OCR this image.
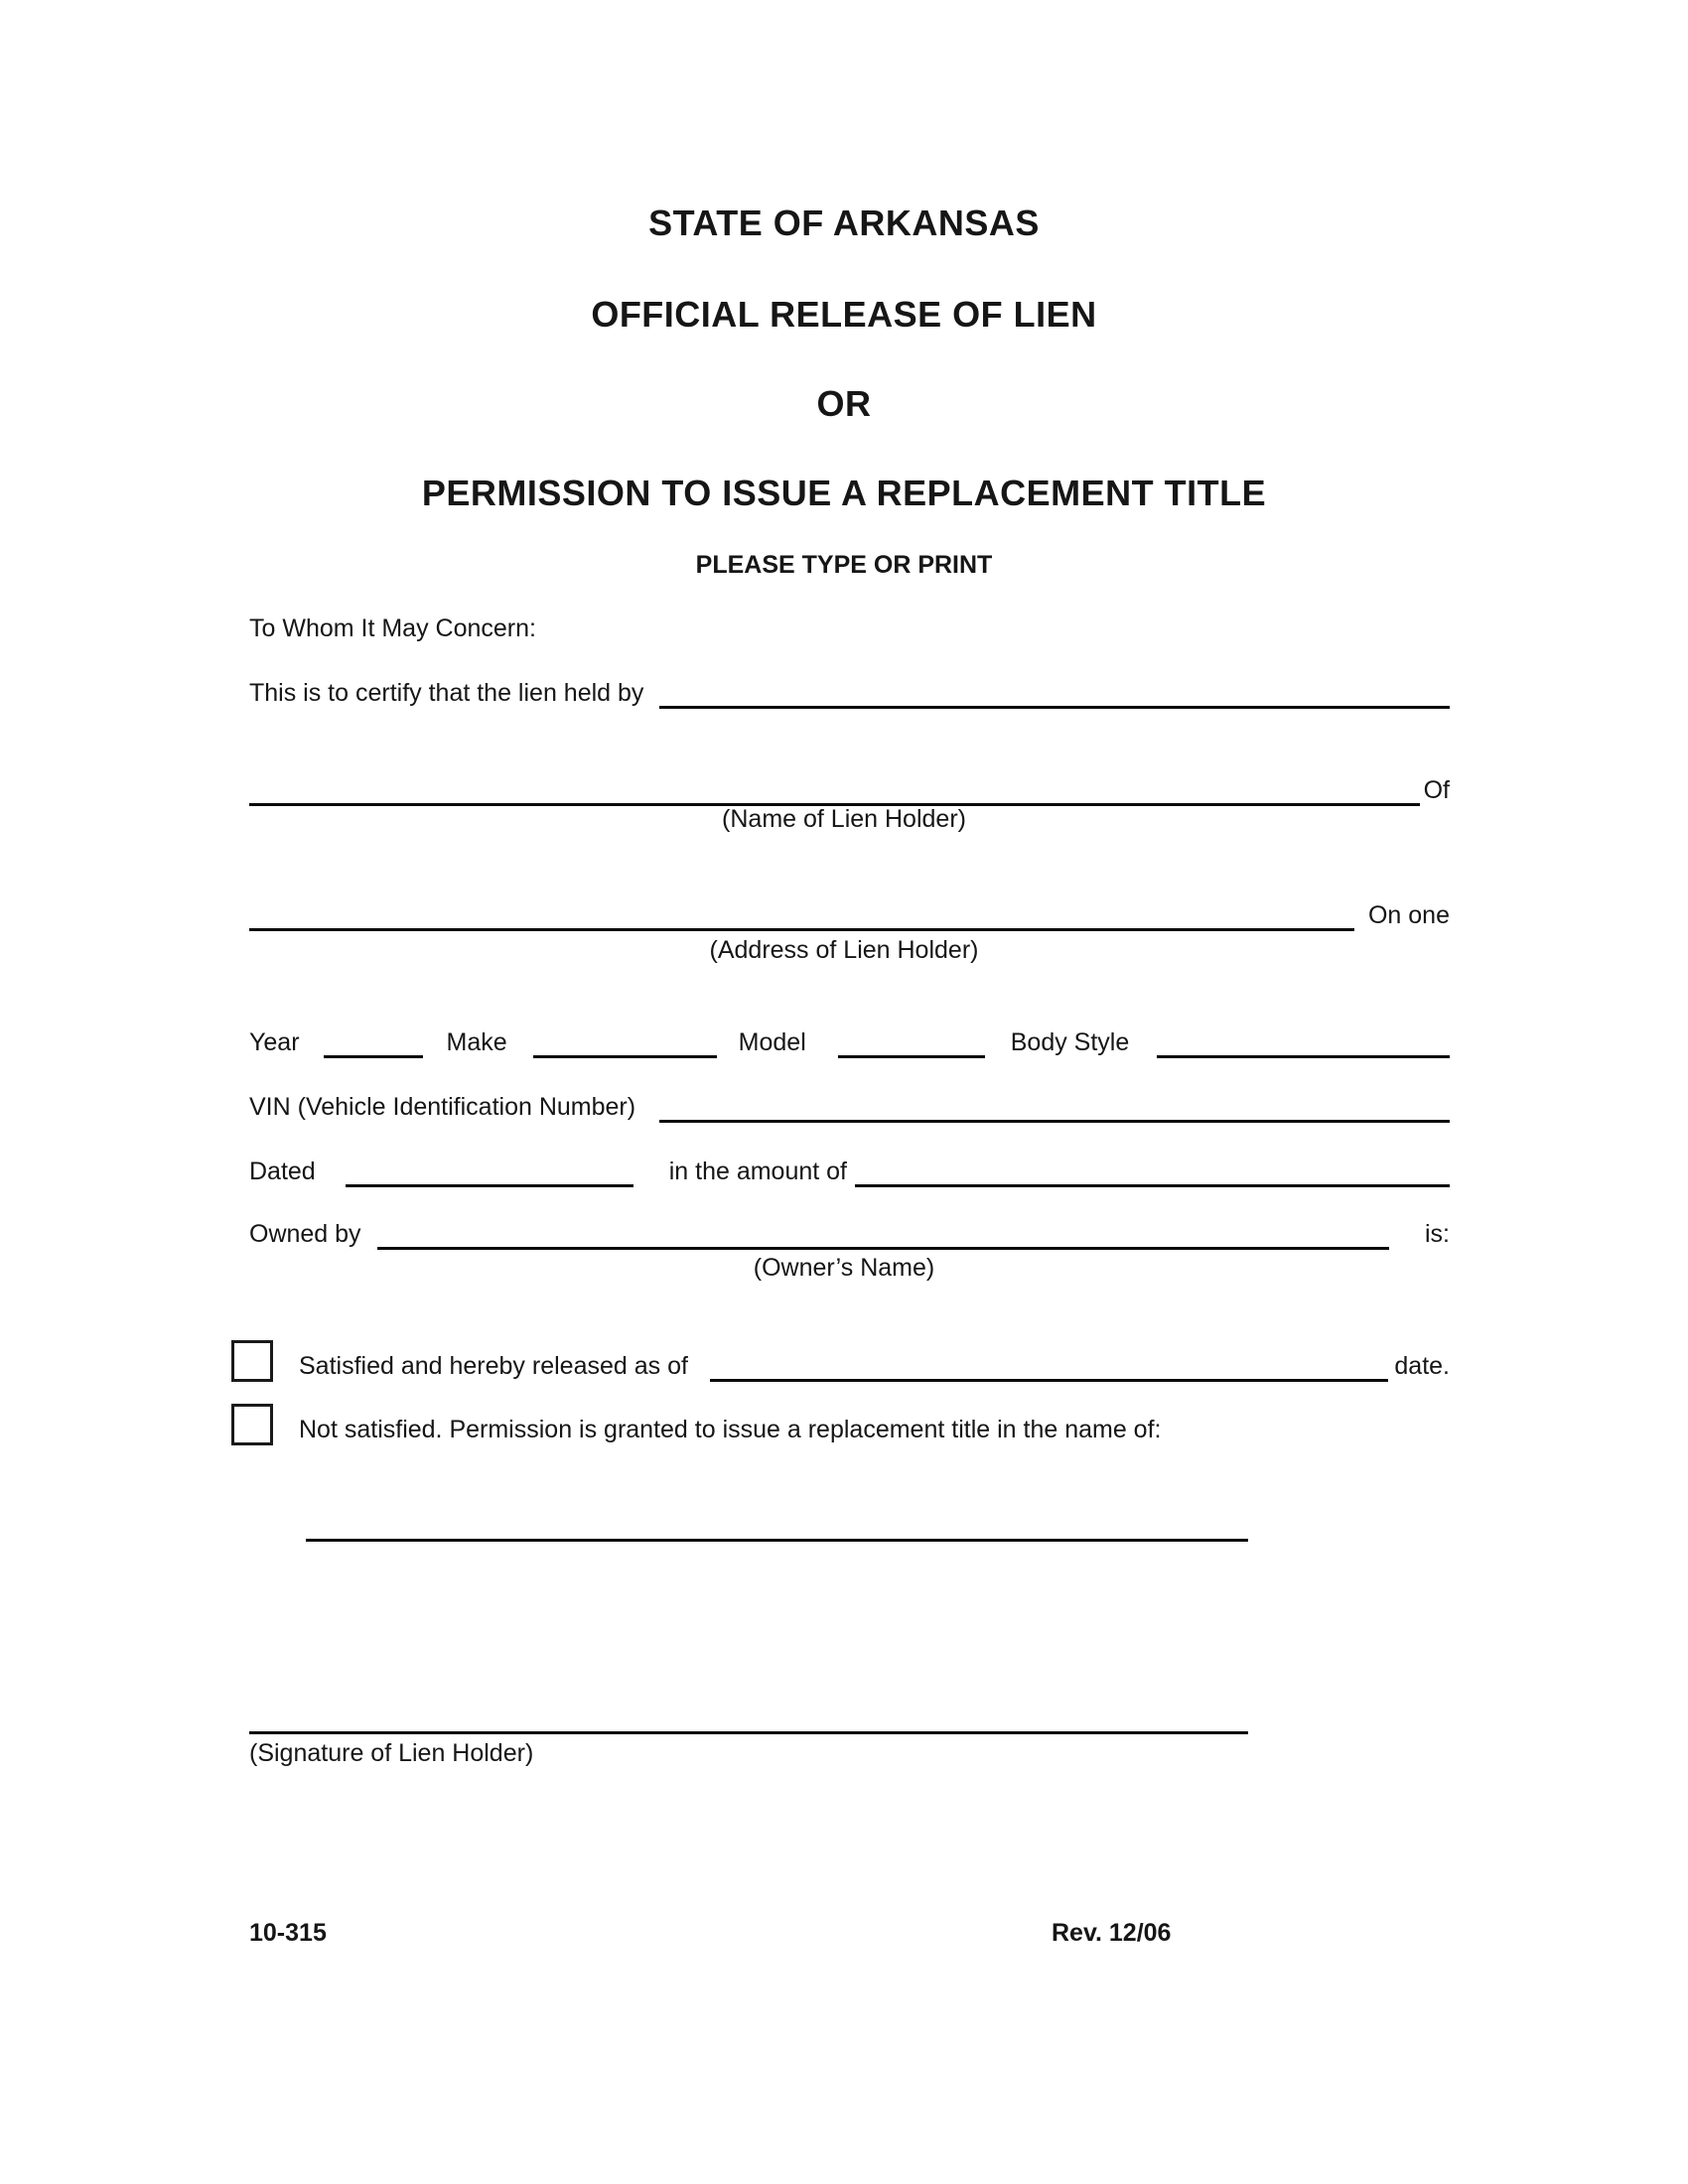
STATE OF ARKANSAS
OFFICIAL RELEASE OF LIEN
OR
PERMISSION TO ISSUE A REPLACEMENT TITLE
PLEASE TYPE OR PRINT
To Whom It May Concern:
This is to certify that the lien held by
Of
(Name of Lien Holder)
On one
(Address of Lien Holder)
Year	Make	Model	Body Style
VIN (Vehicle Identification Number)
Dated	in the amount of
Owned by	is:
(Owner’s Name)
Satisfied and hereby released as of	date.
Not satisfied. Permission is granted to issue a replacement title in the name of:
(Signature of Lien Holder)
10-315	Rev. 12/06
